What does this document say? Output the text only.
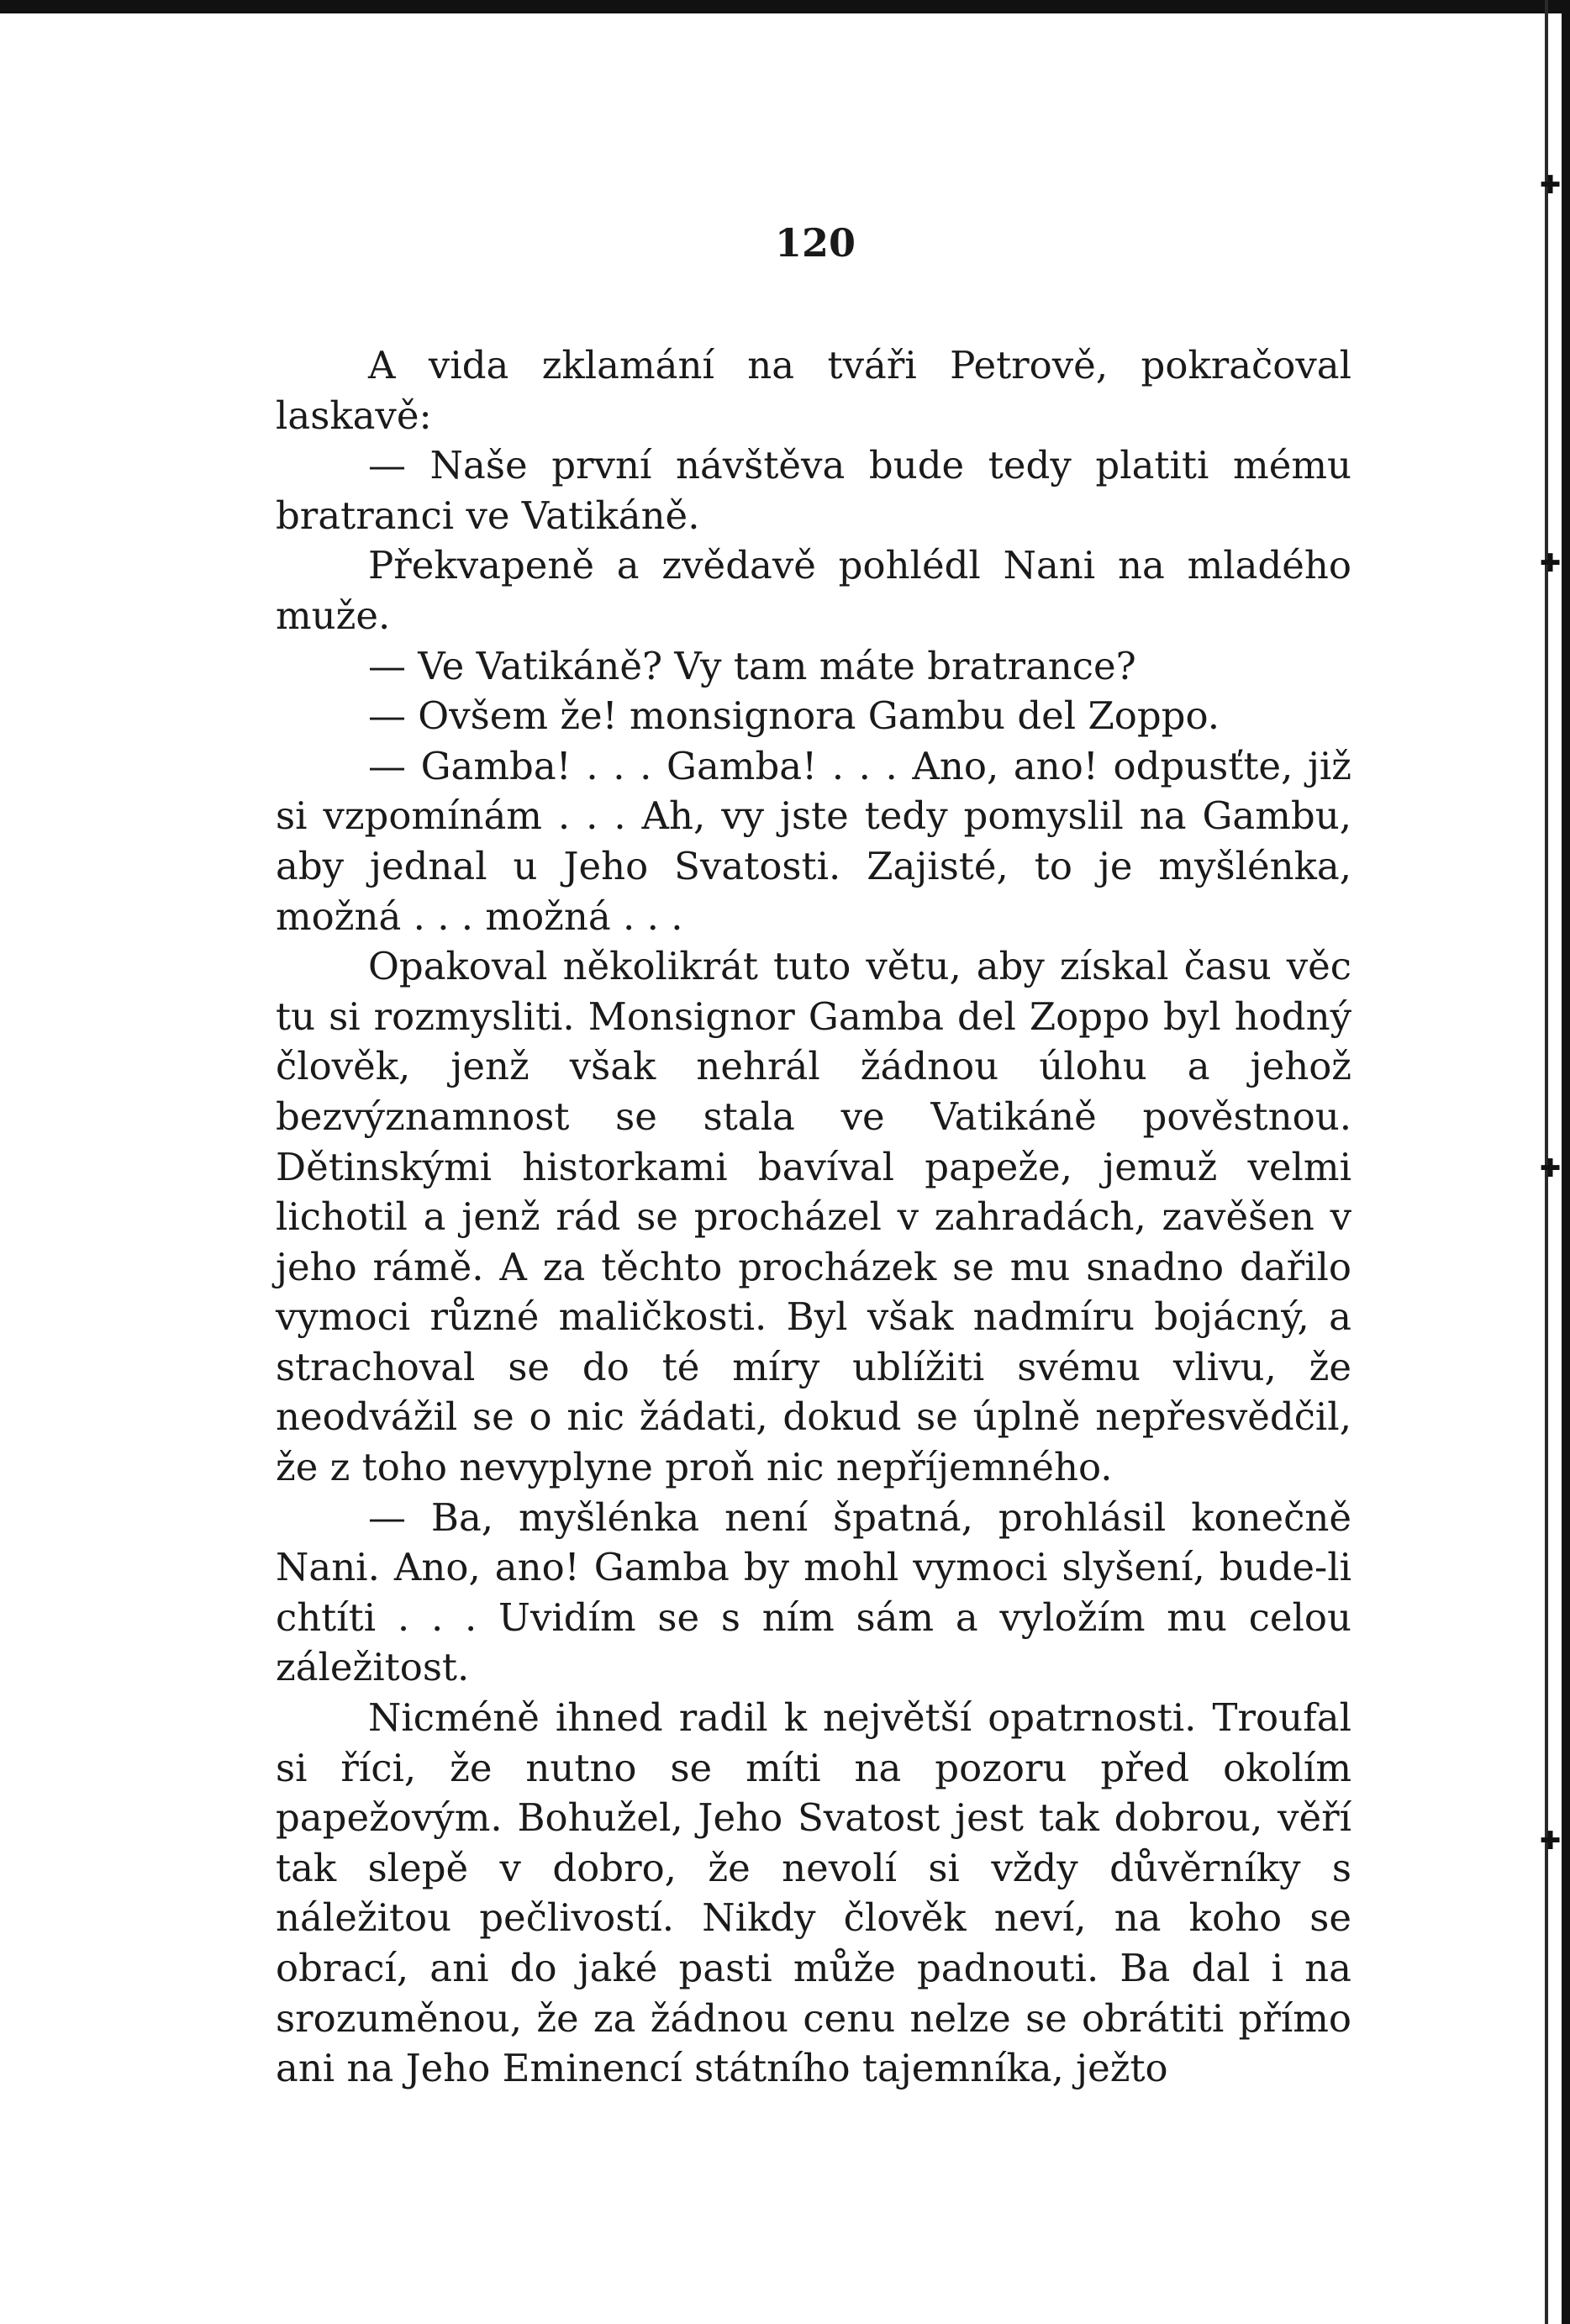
✚
✚
✚
✚
120

A vida zklamání na tváři Petrově, pokračoval laskavě:

— Naše první návštěva bude tedy platiti mému bratranci ve Vatikáně.

Překvapeně a zvědavě pohlédl Nani na mladého muže.

— Ve Vatikáně? Vy tam máte bratrance?

— Ovšem že! monsignora Gambu del Zoppo.

— Gamba! . . . Gamba! . . . Ano, ano! odpusťte, již si vzpomínám . . . Ah, vy jste tedy pomyslil na Gambu, aby jednal u Jeho Svatosti. Zajisté, to je myšlénka, možná . . . možná . . .

Opakoval několikrát tuto větu, aby získal času věc tu si rozmysliti. Monsignor Gamba del Zoppo byl hodný člověk, jenž však nehrál žádnou úlohu a jehož bezvýznamnost se stala ve Vatikáně pověstnou. Dětinskými historkami bavíval papeže, jemuž velmi lichotil a jenž rád se procházel v zahradách, zavěšen v jeho rámě. A za těchto procházek se mu snadno dařilo vymoci různé maličkosti. Byl však nadmíru bojácný, a strachoval se do té míry ublížiti svému vlivu, že neodvážil se o nic žádati, dokud se úplně nepřesvědčil, že z toho nevyplyne proň nic nepříjemného.

— Ba, myšlénka není špatná, prohlásil konečně Nani. Ano, ano! Gamba by mohl vymoci slyšení, bude-li chtíti . . . Uvidím se s ním sám a vyložím mu celou záležitost.

Nicméně ihned radil k největší opatrnosti. Troufal si říci, že nutno se míti na pozoru před okolím papežovým. Bohužel, Jeho Svatost jest tak dobrou, věří tak slepě v dobro, že nevolí si vždy důvěrníky s náležitou pečlivostí. Nikdy člověk neví, na koho se obrací, ani do jaké pasti může padnouti. Ba dal i na srozuměnou, že za žádnou cenu nelze se obrátiti přímo ani na Jeho Eminencí státního tajemníka, ježto
